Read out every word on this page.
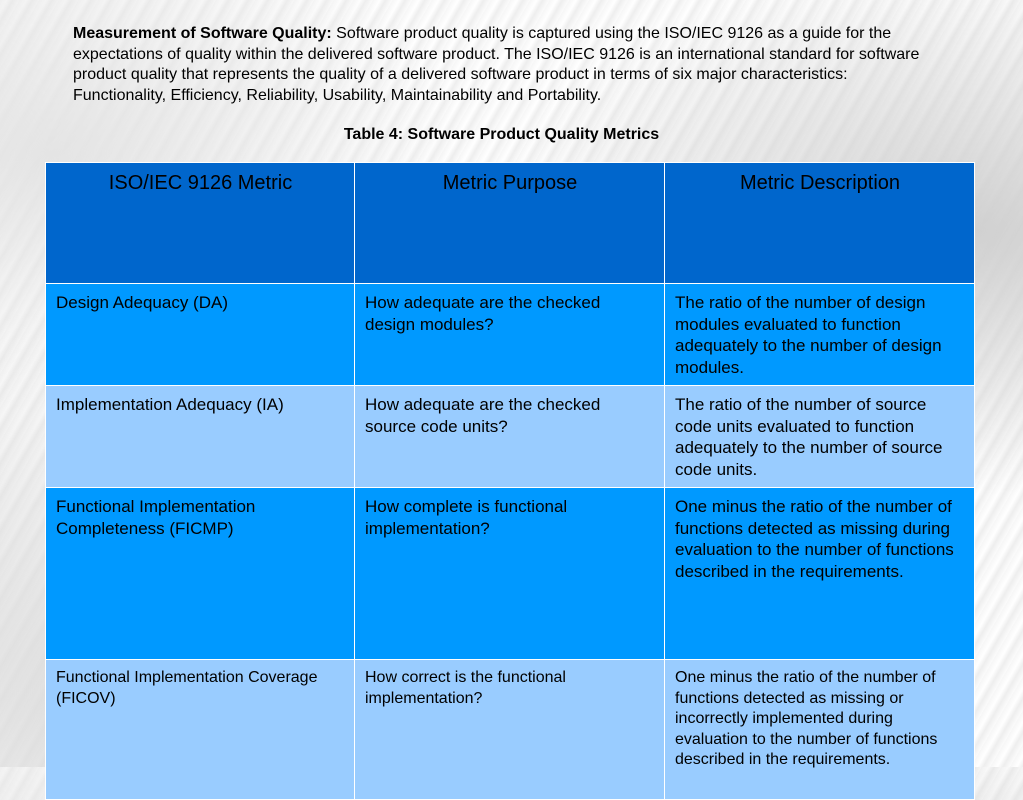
Measurement of Software Quality: Software product quality is captured using the ISO/IEC 9126 as a guide for the expectations of quality within the delivered software product. The ISO/IEC 9126 is an international standard for software product quality that represents the quality of a delivered software product in terms of six major characteristics: Functionality, Efficiency, Reliability, Usability, Maintainability and Portability.
Table 4: Software Product Quality Metrics
ISO/IEC 9126 Metric	Metric Purpose	Metric Description
Design Adequacy (DA)	How adequate are the checked design modules?	The ratio of the number of design modules evaluated to function adequately to the number of design modules.
Implementation Adequacy (IA)	How adequate are the checked source code units?	The ratio of the number of source code units evaluated to function adequately to the number of source code units.
Functional Implementation Completeness (FICMP)	How complete is functional implementation?	One minus the ratio of the number of functions detected as missing during evaluation to the number of functions described in the requirements.
Functional Implementation Coverage (FICOV)	How correct is the functional implementation?	One minus the ratio of the number of functions detected as missing or incorrectly implemented during evaluation to the number of functions described in the requirements.
